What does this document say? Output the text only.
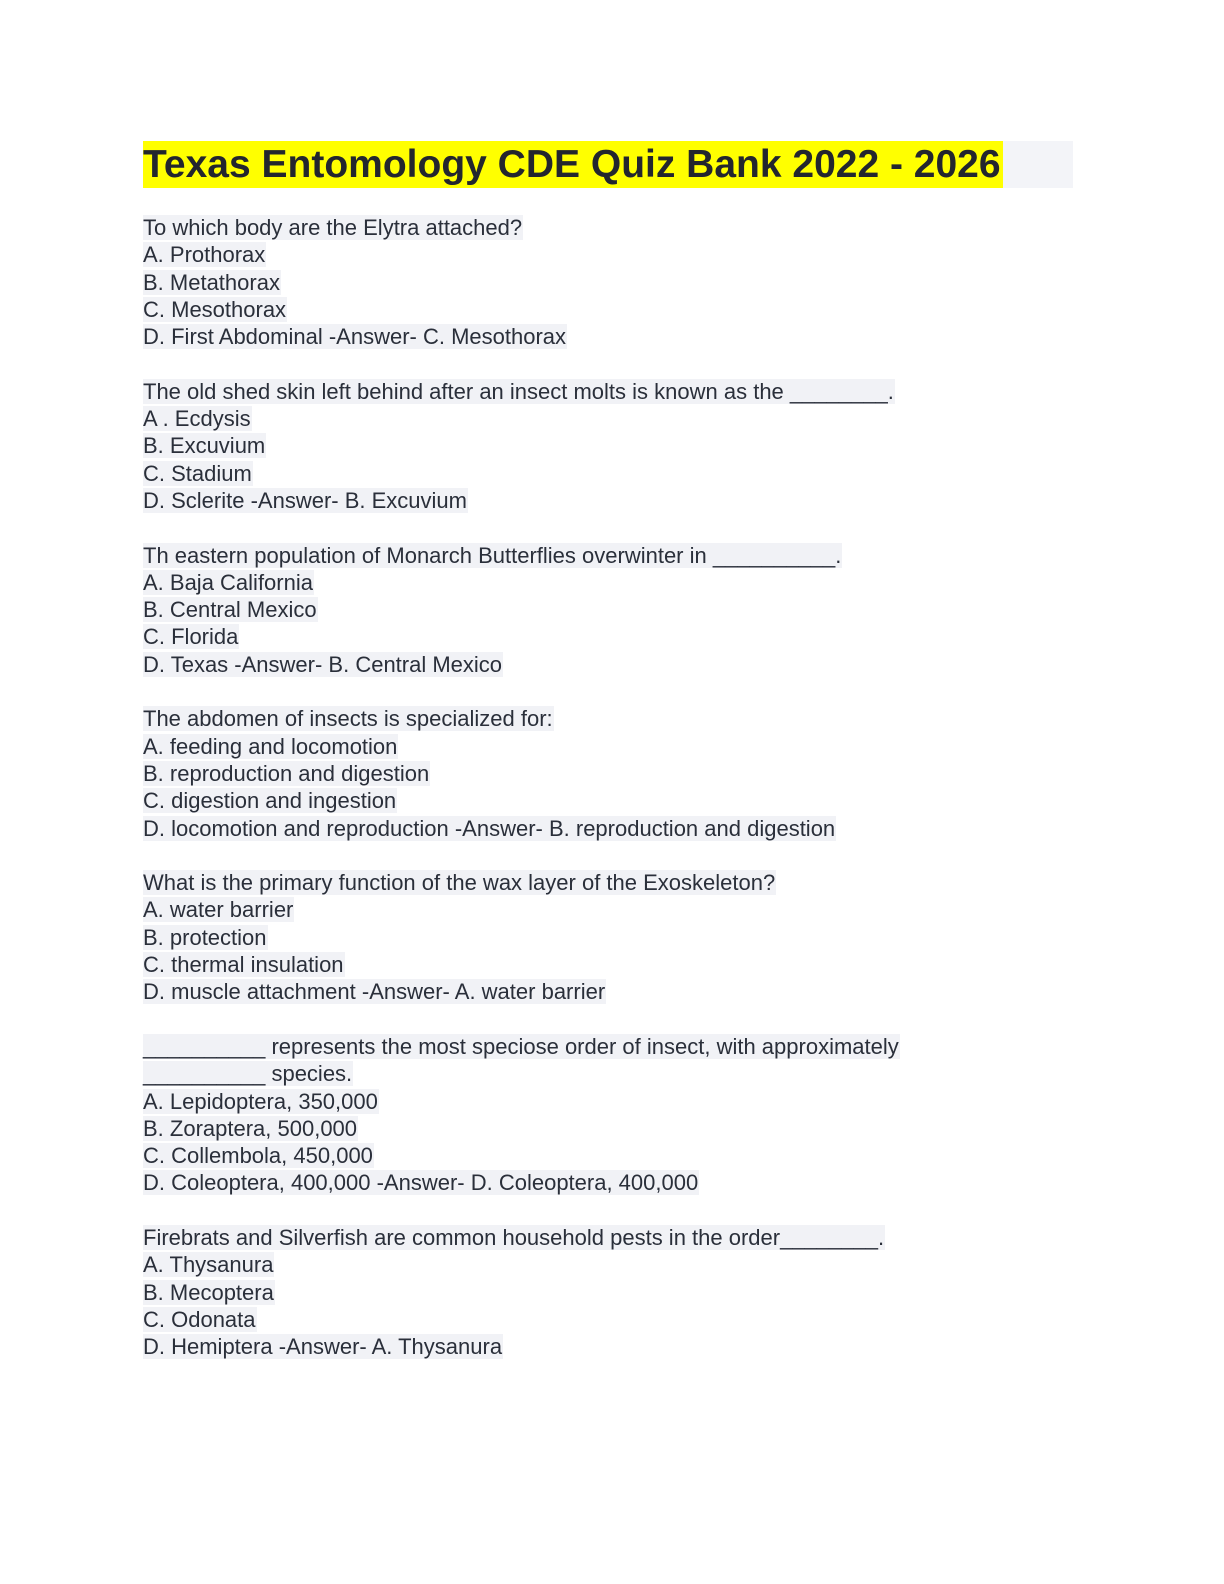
Texas Entomology CDE Quiz Bank 2022 - 2026
To which body are the Elytra attached?
A. Prothorax
B. Metathorax
C. Mesothorax
D. First Abdominal -Answer- C. Mesothorax
The old shed skin left behind after an insect molts is known as the ________.
A . Ecdysis
B. Excuvium
C. Stadium
D. Sclerite -Answer- B. Excuvium
Th eastern population of Monarch Butterflies overwinter in __________.
A. Baja California
B. Central Mexico
C. Florida
D. Texas -Answer- B. Central Mexico
The abdomen of insects is specialized for:
A. feeding and locomotion
B. reproduction and digestion
C. digestion and ingestion
D. locomotion and reproduction -Answer- B. reproduction and digestion
What is the primary function of the wax layer of the Exoskeleton?
A. water barrier
B. protection
C. thermal insulation
D. muscle attachment -Answer- A. water barrier
__________ represents the most speciose order of insect, with approximately
__________ species.
A. Lepidoptera, 350,000
B. Zoraptera, 500,000
C. Collembola, 450,000
D. Coleoptera, 400,000 -Answer- D. Coleoptera, 400,000
Firebrats and Silverfish are common household pests in the order________.
A. Thysanura
B. Mecoptera
C. Odonata
D. Hemiptera -Answer- A. Thysanura
